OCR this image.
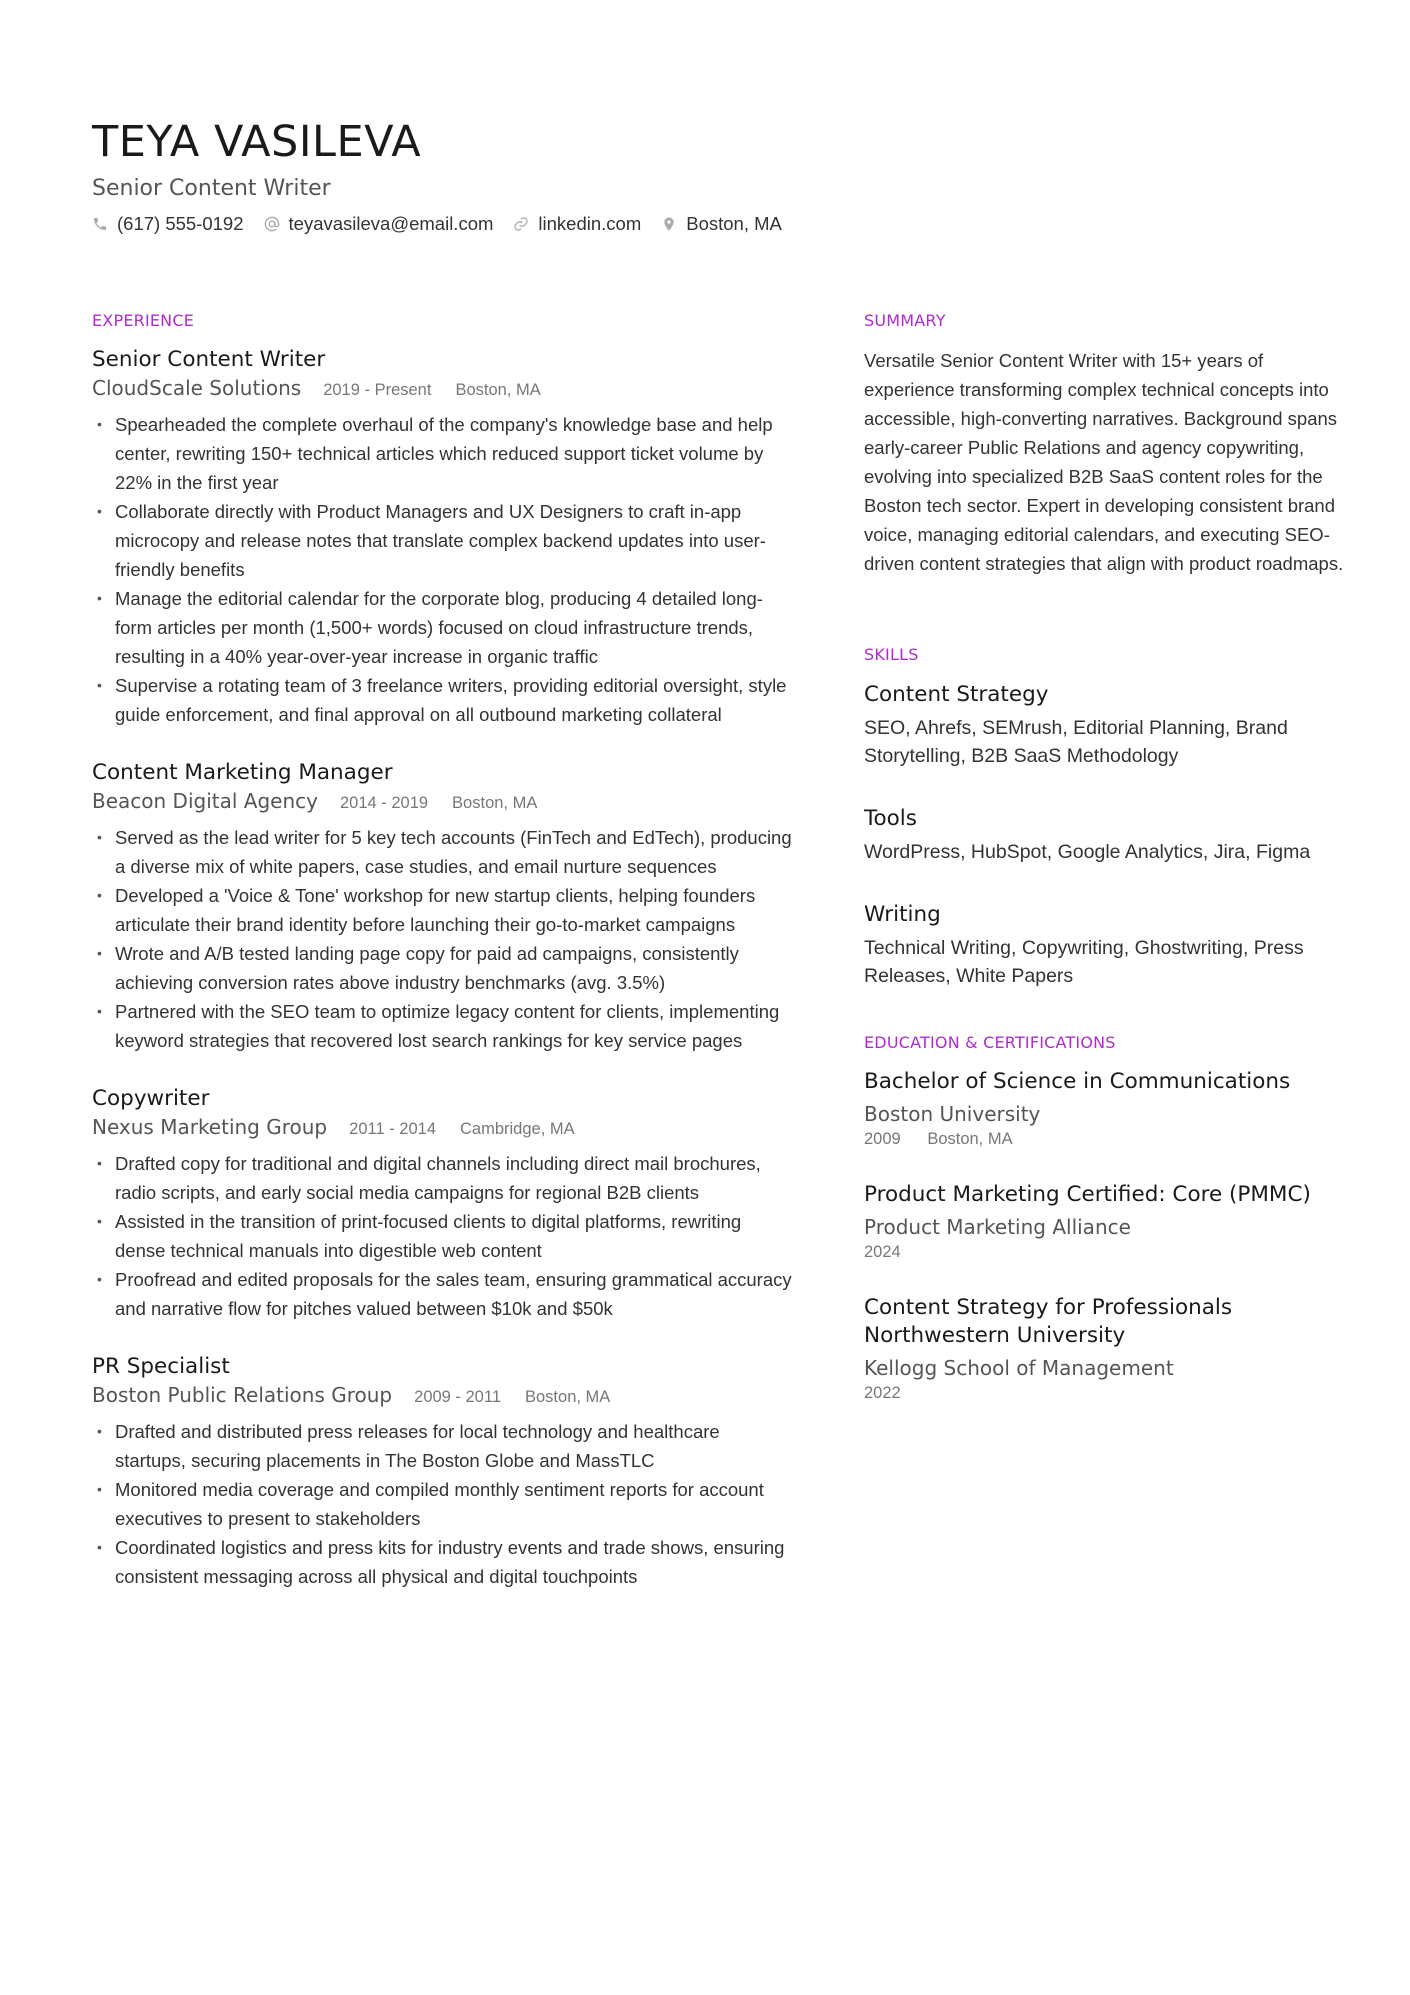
TEYA VASILEVA
Senior Content Writer
(617) 555-0192 teyavasileva@email.com linkedin.com Boston, MA
EXPERIENCE
Senior Content Writer
CloudScale Solutions 2019 - Present Boston, MA
• Spearheaded the complete overhaul of the company's knowledge base and help center, rewriting 150+ technical articles which reduced support ticket volume by 22% in the first year
• Collaborate directly with Product Managers and UX Designers to craft in-app microcopy and release notes that translate complex backend updates into user-friendly benefits
• Manage the editorial calendar for the corporate blog, producing 4 detailed long-form articles per month (1,500+ words) focused on cloud infrastructure trends, resulting in a 40% year-over-year increase in organic traffic
• Supervise a rotating team of 3 freelance writers, providing editorial oversight, style guide enforcement, and final approval on all outbound marketing collateral
Content Marketing Manager
Beacon Digital Agency 2014 - 2019 Boston, MA
• Served as the lead writer for 5 key tech accounts (FinTech and EdTech), producing a diverse mix of white papers, case studies, and email nurture sequences
• Developed a 'Voice & Tone' workshop for new startup clients, helping founders articulate their brand identity before launching their go-to-market campaigns
• Wrote and A/B tested landing page copy for paid ad campaigns, consistently achieving conversion rates above industry benchmarks (avg. 3.5%)
• Partnered with the SEO team to optimize legacy content for clients, implementing keyword strategies that recovered lost search rankings for key service pages
Copywriter
Nexus Marketing Group 2011 - 2014 Cambridge, MA
• Drafted copy for traditional and digital channels including direct mail brochures, radio scripts, and early social media campaigns for regional B2B clients
• Assisted in the transition of print-focused clients to digital platforms, rewriting dense technical manuals into digestible web content
• Proofread and edited proposals for the sales team, ensuring grammatical accuracy and narrative flow for pitches valued between $10k and $50k
PR Specialist
Boston Public Relations Group 2009 - 2011 Boston, MA
• Drafted and distributed press releases for local technology and healthcare startups, securing placements in The Boston Globe and MassTLC
• Monitored media coverage and compiled monthly sentiment reports for account executives to present to stakeholders
• Coordinated logistics and press kits for industry events and trade shows, ensuring consistent messaging across all physical and digital touchpoints
SUMMARY
Versatile Senior Content Writer with 15+ years of experience transforming complex technical concepts into accessible, high-converting narratives. Background spans early-career Public Relations and agency copywriting, evolving into specialized B2B SaaS content roles for the Boston tech sector. Expert in developing consistent brand voice, managing editorial calendars, and executing SEO-driven content strategies that align with product roadmaps.
SKILLS
Content Strategy
SEO, Ahrefs, SEMrush, Editorial Planning, Brand Storytelling, B2B SaaS Methodology
Tools
WordPress, HubSpot, Google Analytics, Jira, Figma
Writing
Technical Writing, Copywriting, Ghostwriting, Press Releases, White Papers
EDUCATION & CERTIFICATIONS
Bachelor of Science in Communications
Boston University
2009 Boston, MA
Product Marketing Certified: Core (PMMC)
Product Marketing Alliance
2024
Content Strategy for Professionals Northwestern University
Kellogg School of Management
2022
